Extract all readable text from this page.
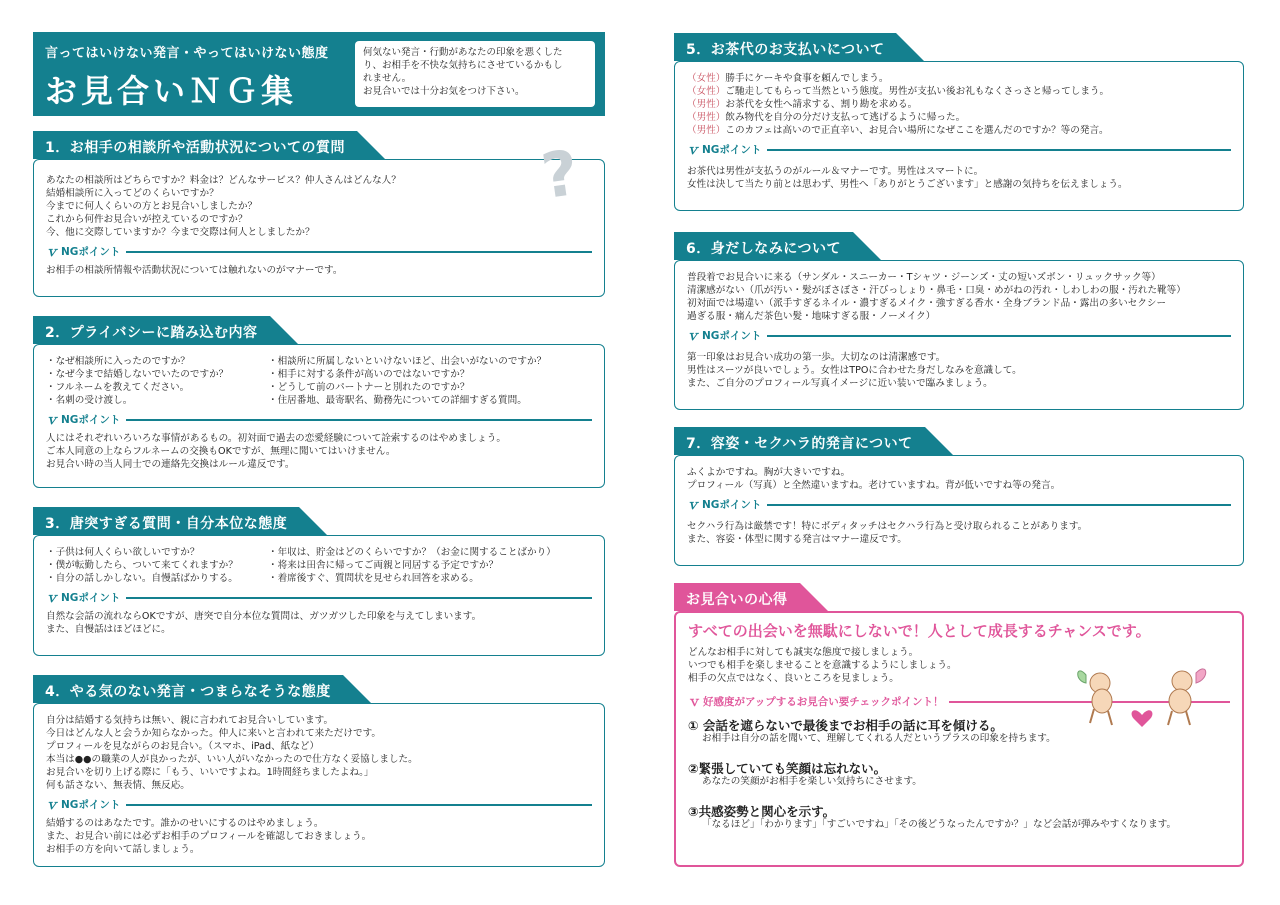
言ってはいけない発言・やってはいけない態度
お見合いＮＧ集
何気ない発言・行動があなたの印象を悪くした
り、お相手を不快な気持ちにさせているかもし
れません。
お見合いでは十分お気をつけ下さい。
1．お相手の相談所や活動状況についての質問	?
あなたの相談所はどちらですか？料金は？どんなサービス？仲人さんはどんな人？
結婚相談所に入ってどのくらいですか？
今までに何人くらいの方とお見合いしましたか？
これから何件お見合いが控えているのですか？
今、他に交際していますか？今まで交際は何人としましたか？
ｖ NGポイント
お相手の相談所情報や活動状況については触れないのがマナーです。
2．プライバシーに踏み込む内容
・なぜ相談所に入ったのですか？
・なぜ今まで結婚しないでいたのですか？
・フルネームを教えてください。
・名刺の受け渡し。
・相談所に所属しないといけないほど、出会いがないのですか？
・相手に対する条件が高いのではないですか？
・どうして前のパートナーと別れたのですか？
・住居番地、最寄駅名、勤務先についての詳細すぎる質問。
ｖ NGポイント
人にはそれぞれいろいろな事情があるもの。初対面で過去の恋愛経験について詮索するのはやめましょう。
ご本人同意の上ならフルネームの交換もOKですが、無理に聞いてはいけません。
お見合い時の当人同士での連絡先交換はルール違反です。
3．唐突すぎる質問・自分本位な態度
・子供は何人くらい欲しいですか？
・僕が転勤したら、ついて来てくれますか？
・自分の話しかしない。自慢話ばかりする。
・年収は、貯金はどのくらいですか？（お金に関することばかり）
・将来は田舎に帰ってご両親と同居する予定ですか？
・着席後すぐ、質問状を見せられ回答を求める。
ｖ NGポイント
自然な会話の流れならOKですが、唐突で自分本位な質問は、ガツガツした印象を与えてしまいます。
また、自慢話はほどほどに。
4．やる気のない発言・つまらなそうな態度
自分は結婚する気持ちは無い、親に言われてお見合いしています。
今日はどんな人と会うか知らなかった。仲人に来いと言われて来ただけです。
プロフィールを見ながらのお見合い。（スマホ、iPad、紙など）
本当は●●の職業の人が良かったが、いい人がいなかったので仕方なく妥協しました。
お見合いを切り上げる際に「もう、いいですよね。1時間経ちましたよね。」
何も話さない、無表情、無反応。
ｖ NGポイント
結婚するのはあなたです。誰かのせいにするのはやめましょう。
また、お見合い前には必ずお相手のプロフィールを確認しておきましょう。
お相手の方を向いて話しましょう。
5．お茶代のお支払いについて
（女性）勝手にケーキや食事を頼んでしまう。
（女性）ご馳走してもらって当然という態度。男性が支払い後お礼もなくさっさと帰ってしまう。
（男性）お茶代を女性へ請求する、割り勘を求める。
（男性）飲み物代を自分の分だけ支払って逃げるように帰った。
（男性）このカフェは高いので正直辛い、お見合い場所になぜここを選んだのですか？等の発言。
ｖ NGポイント
お茶代は男性が支払うのがルール＆マナーです。男性はスマートに。
女性は決して当たり前とは思わず、男性へ「ありがとうございます」と感謝の気持ちを伝えましょう。
6．身だしなみについて
普段着でお見合いに来る（サンダル・スニーカー・Tシャツ・ジーンズ・丈の短いズボン・リュックサック等）
清潔感がない（爪が汚い・髪がぼさぼさ・汗びっしょり・鼻毛・口臭・めがねの汚れ・しわしわの服・汚れた靴等）
初対面では場違い（派手すぎるネイル・濃すぎるメイク・強すぎる香水・全身ブランド品・露出の多いセクシー
過ぎる服・痛んだ茶色い髪・地味すぎる服・ノーメイク）
ｖ NGポイント
第一印象はお見合い成功の第一歩。大切なのは清潔感です。
男性はスーツが良いでしょう。女性はTPOに合わせた身だしなみを意識して。
また、ご自分のプロフィール写真イメージに近い装いで臨みましょう。
7．容姿・セクハラ的発言について
ふくよかですね。胸が大きいですね。
プロフィール（写真）と全然違いますね。老けていますね。背が低いですね等の発言。
ｖ NGポイント
セクハラ行為は厳禁です！特にボディタッチはセクハラ行為と受け取られることがあります。
また、容姿・体型に関する発言はマナー違反です。
お見合いの心得
すべての出会いを無駄にしないで！人として成長するチャンスです。
どんなお相手に対しても誠実な態度で接しましょう。
いつでも相手を楽しませることを意識するようにしましょう。
相手の欠点ではなく、良いところを見ましょう。
ｖ 好感度がアップするお見合い要チェックポイント！
① 会話を遮らないで最後までお相手の話に耳を傾ける。
お相手は自分の話を聞いて、理解してくれる人だというプラスの印象を持ちます。
②緊張していても笑顔は忘れない。
あなたの笑顔がお相手を楽しい気持ちにさせます。
③共感姿勢と関心を示す。
「なるほど」「わかります」「すごいですね」「その後どうなったんですか？」など会話が弾みやすくなります。
